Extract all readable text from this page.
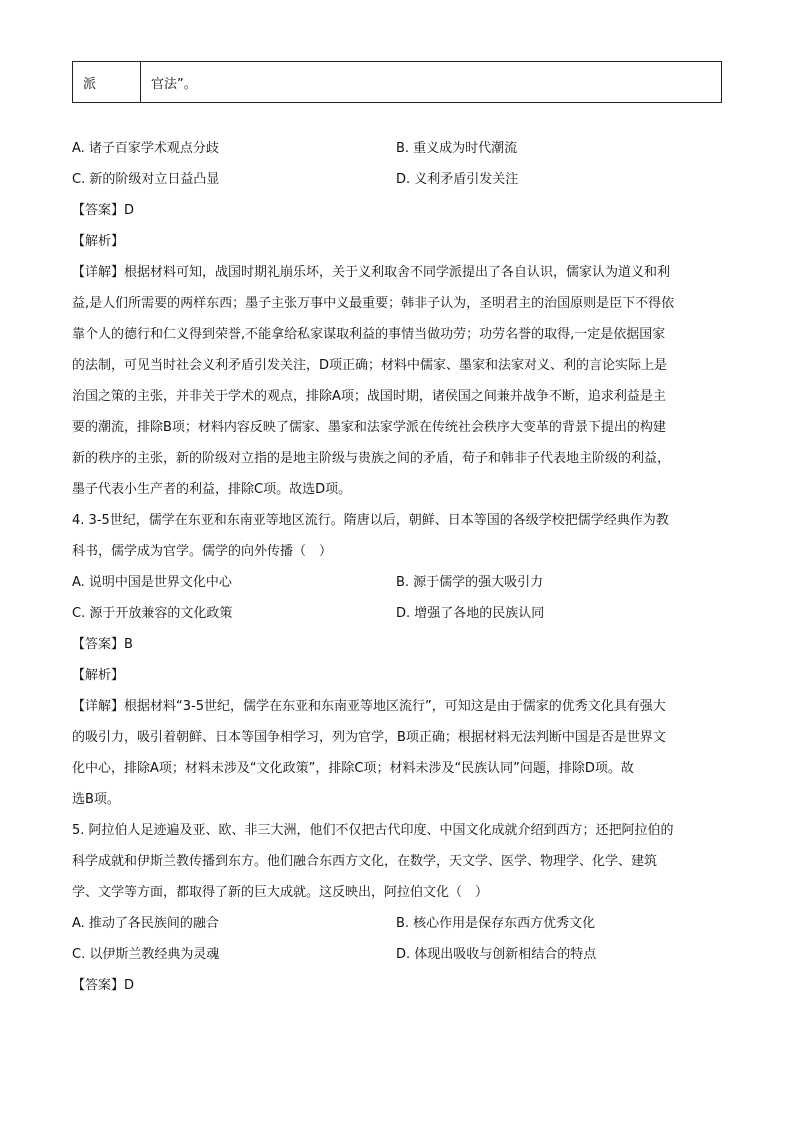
派	官法”。
A. 诸子百家学术观点分歧	B. 重义成为时代潮流
C. 新的阶级对立日益凸显	D. 义利矛盾引发关注
【答案】D
【解析】
【详解】根据材料可知，战国时期礼崩乐坏，关于义利取舍不同学派提出了各自认识，儒家认为道义和利
益,是人们所需要的两样东西；墨子主张万事中义最重要；韩非子认为，圣明君主的治国原则是臣下不得依
靠个人的德行和仁义得到荣誉,不能拿给私家谋取利益的事情当做功劳；功劳名誉的取得,一定是依据国家
的法制，可见当时社会义利矛盾引发关注，D项正确；材料中儒家、墨家和法家对义、利的言论实际上是
治国之策的主张，并非关于学术的观点，排除A项；战国时期，诸侯国之间兼并战争不断，追求利益是主
要的潮流，排除B项；材料内容反映了儒家、墨家和法家学派在传统社会秩序大变革的背景下提出的构建
新的秩序的主张，新的阶级对立指的是地主阶级与贵族之间的矛盾，荀子和韩非子代表地主阶级的利益，
墨子代表小生产者的利益，排除C项。故选D项。
4. 3-5世纪，儒学在东亚和东南亚等地区流行。隋唐以后，朝鲜、日本等国的各级学校把儒学经典作为教
科书，儒学成为官学。儒学的向外传播（　）
A. 说明中国是世界文化中心	B. 源于儒学的强大吸引力
C. 源于开放兼容的文化政策	D. 增强了各地的民族认同
【答案】B
【解析】
【详解】根据材料“3-5世纪，儒学在东亚和东南亚等地区流行”，可知这是由于儒家的优秀文化具有强大
的吸引力，吸引着朝鲜、日本等国争相学习，列为官学，B项正确；根据材料无法判断中国是否是世界文
化中心，排除A项；材料未涉及“文化政策”，排除C项；材料未涉及“民族认同”问题，排除D项。故
选B项。
5. 阿拉伯人足迹遍及亚、欧、非三大洲，他们不仅把古代印度、中国文化成就介绍到西方；还把阿拉伯的
科学成就和伊斯兰教传播到东方。他们融合东西方文化，在数学，天文学、医学、物理学、化学、建筑
学、文学等方面，都取得了新的巨大成就。这反映出，阿拉伯文化（　）
A. 推动了各民族间的融合	B. 核心作用是保存东西方优秀文化
C. 以伊斯兰教经典为灵魂	D. 体现出吸收与创新相结合的特点
【答案】D
